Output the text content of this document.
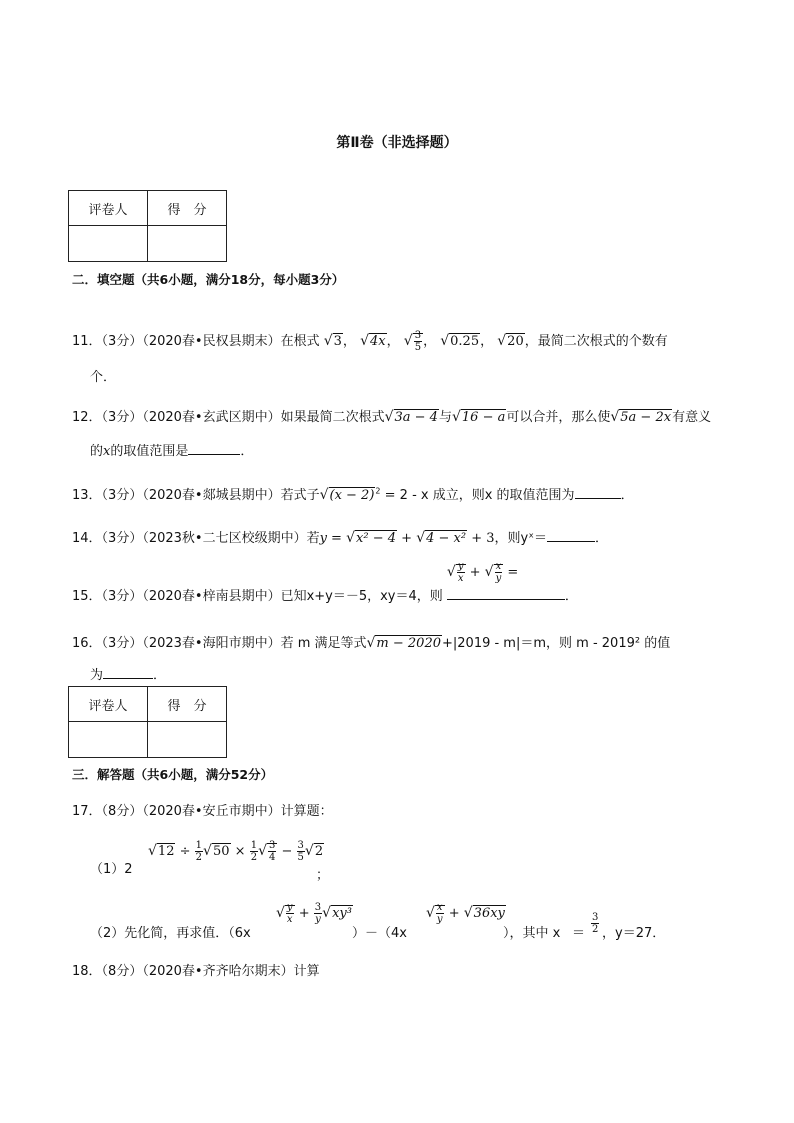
第Ⅱ卷（非选择题）
评卷人	得　分

二．填空题（共6小题，满分18分，每小题3分）
11．（3分）（2020春•民权县期末）在根式 √3， √4x， √ $\frac{3}{5}$ ， √0.25， √20，最简二次根式的个数有
个．
12．（3分）（2020春•玄武区期中）如果最简二次根式√3a − 4与√16 − a可以合并，那么使√5a − 2x有意义
的x的取值范围是	．
13．（3分）（2020春•郯城县期中）若式子$√(x - 2)^2 = 2 - x$ 成立，则x 的取值范围为	．
14．（3分）（2023秋•二七区校级期中）若y = √x² − 4 + √4 − x² + 3，则yˣ＝	．
15．（3分）（2020春•梓南县期中）已知x+y＝－5，xy＝4，则
√ $\frac{y}{x}$ + √ $\frac{x}{y}$ =
．
16．（3分）（2023春•海阳市期中）若 m 满足等式√m − 2020+|2019 - m|＝m，则 m - 2019² 的值
为	．
评卷人	得　分

三．解答题（共6小题，满分52分）
17．（8分）（2020春•安丘市期中）计算题：
（1）2
$√12 \div \frac{1}{2} √50 \times \frac{1}{2}$ √ $\frac{3}{4} - \frac{3}{5} √2$
；
（2）先化简，再求值．（6x
√ $\frac{y}{x} + \frac{3}{y} √xy^3$
）－（4x
√ $\frac{x}{y} + √36xy$
），其中 $x = \frac{3}{2}$ ，y＝27．
18．（8分）（2020春•齐齐哈尔期末）计算
